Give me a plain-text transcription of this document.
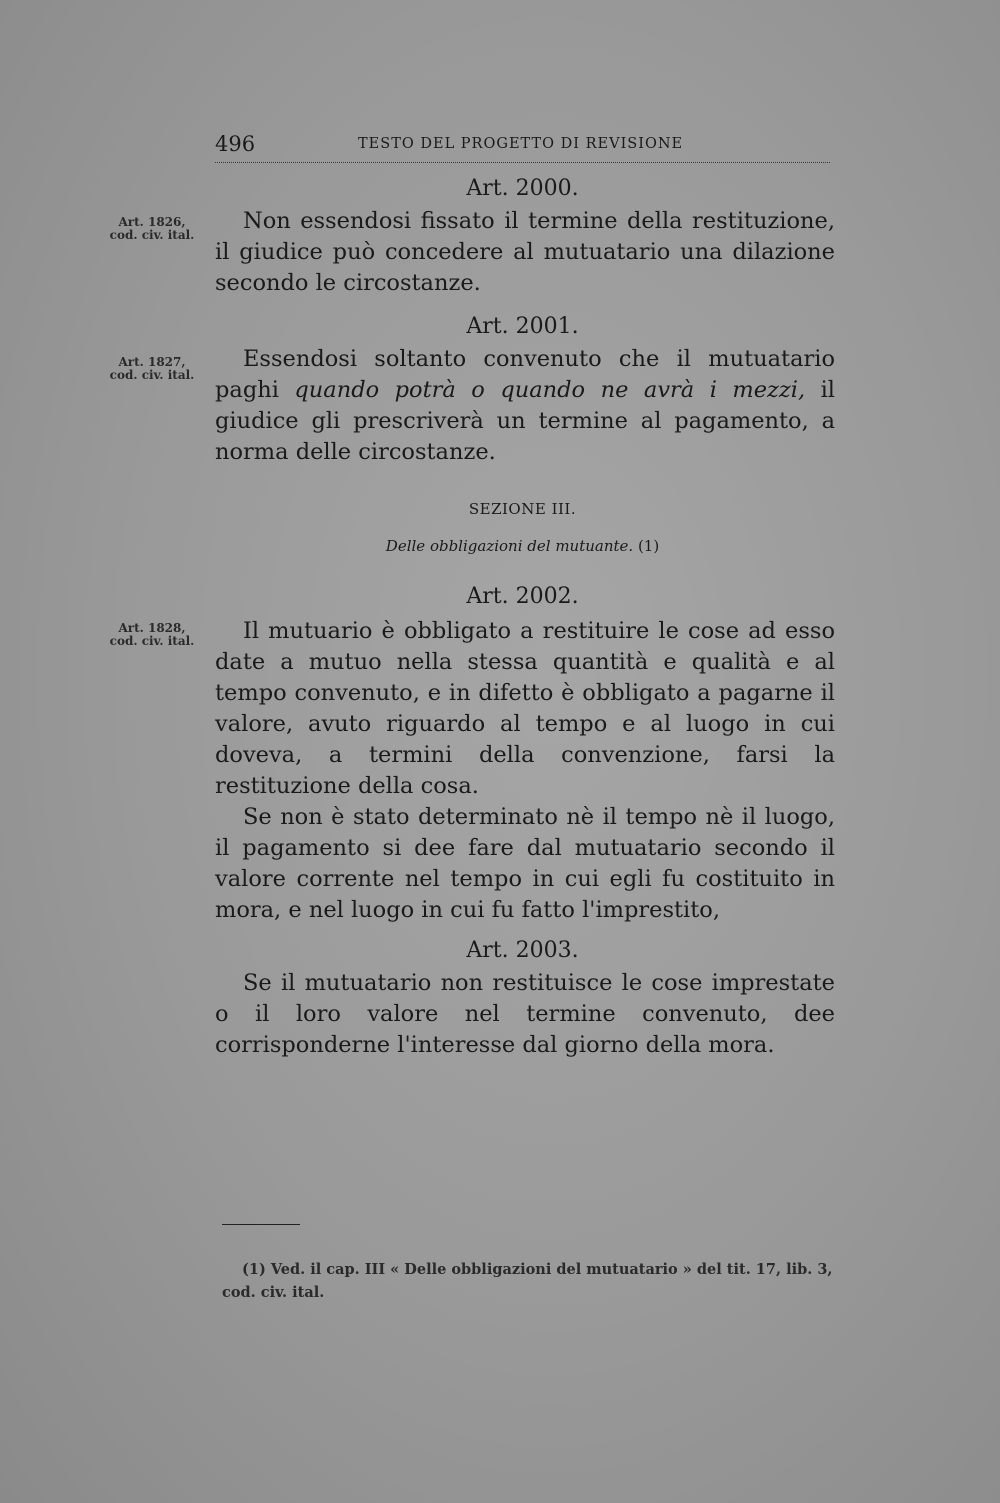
496	TESTO DEL PROGETTO DI REVISIONE
Art. 2000.
Art. 1826,
cod. civ. ital.

Non essendosi fissato il termine della restituzione, il giudice può concedere al mutuatario una dilazione secondo le circostanze.

Art. 2001.
Art. 1827,
cod. civ. ital.

Essendosi soltanto convenuto che il mutuatario paghi quando potrà o quando ne avrà i mezzi, il giudice gli prescriverà un termine al pagamento, a norma delle circostanze.

SEZIONE III.
Delle obbligazioni del mutuante. (1)
Art. 2002.
Art. 1828,
cod. civ. ital.	Il mutuario è obbligato a restituire le cose ad esso date a mutuo nella stessa quantità e qualità e al tempo convenuto, e in difetto è obbligato a pagarne il valore, avuto riguardo al tempo e al luogo in cui doveva, a termini della convenzione, farsi la restituzione della cosa.

Se non è stato determinato nè il tempo nè il luogo, il pagamento si dee fare dal mutuatario secondo il valore corrente nel tempo in cui egli fu costituito in mora, e nel luogo in cui fu fatto l'imprestito,

Art. 2003.

Se il mutuatario non restituisce le cose imprestate o il loro valore nel termine convenuto, dee corrisponderne l'interesse dal giorno della mora.

(1) Ved. il cap. III « Delle obbligazioni del mutuatario » del tit. 17, lib. 3, cod. civ. ital.
